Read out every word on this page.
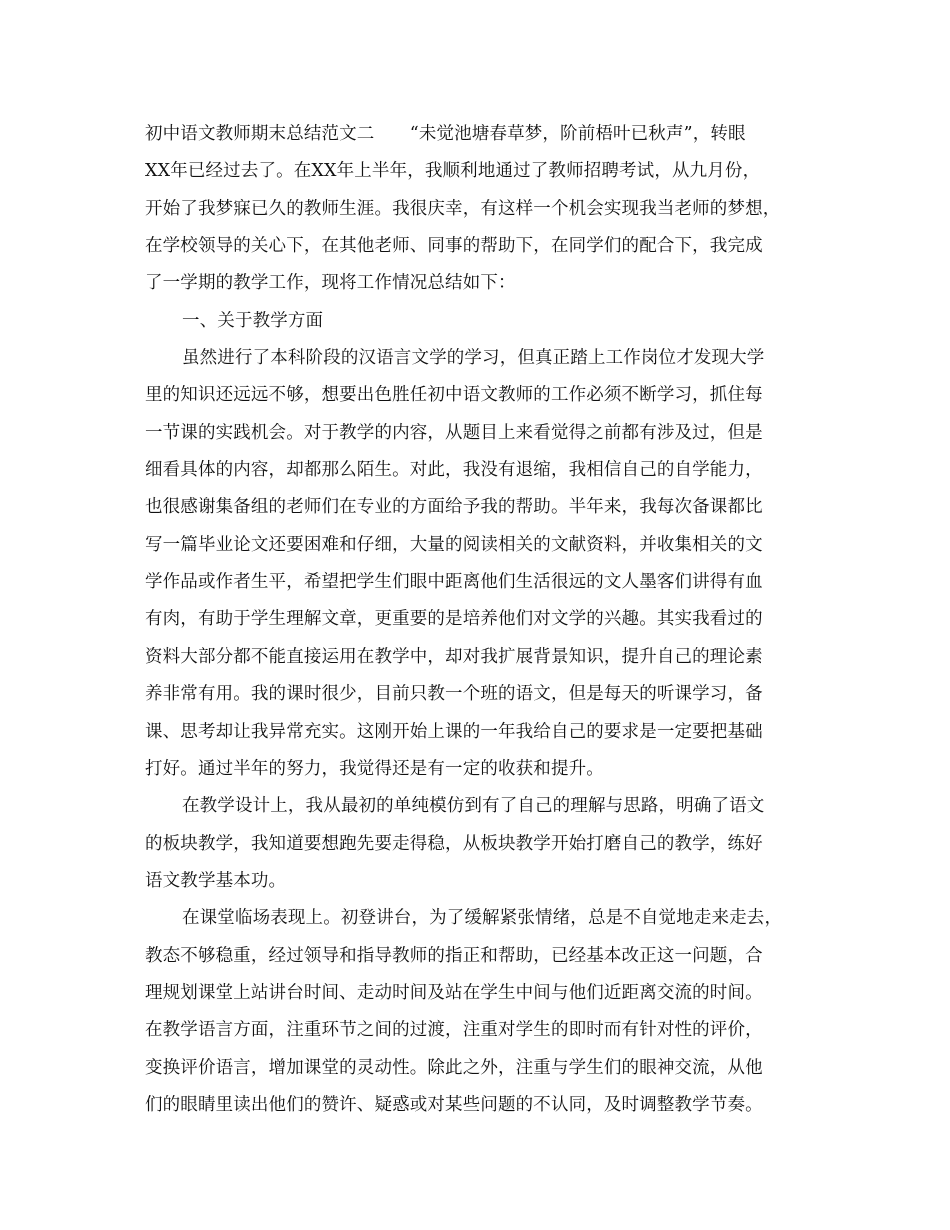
初中语文教师期末总结范文二　　“未觉池塘春草梦，阶前梧叶已秋声”，转眼
XX年已经过去了。在XX年上半年，我顺利地通过了教师招聘考试，从九月份，
开始了我梦寐已久的教师生涯。我很庆幸，有这样一个机会实现我当老师的梦想，
在学校领导的关心下，在其他老师、同事的帮助下，在同学们的配合下，我完成
了一学期的教学工作，现将工作情况总结如下：
一、关于教学方面
虽然进行了本科阶段的汉语言文学的学习，但真正踏上工作岗位才发现大学
里的知识还远远不够，想要出色胜任初中语文教师的工作必须不断学习，抓住每
一节课的实践机会。对于教学的内容，从题目上来看觉得之前都有涉及过，但是
细看具体的内容，却都那么陌生。对此，我没有退缩，我相信自己的自学能力，
也很感谢集备组的老师们在专业的方面给予我的帮助。半年来，我每次备课都比
写一篇毕业论文还要困难和仔细，大量的阅读相关的文献资料，并收集相关的文
学作品或作者生平，希望把学生们眼中距离他们生活很远的文人墨客们讲得有血
有肉，有助于学生理解文章，更重要的是培养他们对文学的兴趣。其实我看过的
资料大部分都不能直接运用在教学中，却对我扩展背景知识，提升自己的理论素
养非常有用。我的课时很少，目前只教一个班的语文，但是每天的听课学习，备
课、思考却让我异常充实。这刚开始上课的一年我给自己的要求是一定要把基础
打好。通过半年的努力，我觉得还是有一定的收获和提升。
在教学设计上，我从最初的单纯模仿到有了自己的理解与思路，明确了语文
的板块教学，我知道要想跑先要走得稳，从板块教学开始打磨自己的教学，练好
语文教学基本功。
在课堂临场表现上。初登讲台，为了缓解紧张情绪，总是不自觉地走来走去，
教态不够稳重，经过领导和指导教师的指正和帮助，已经基本改正这一问题，合
理规划课堂上站讲台时间、走动时间及站在学生中间与他们近距离交流的时间。
在教学语言方面，注重环节之间的过渡，注重对学生的即时而有针对性的评价，
变换评价语言，增加课堂的灵动性。除此之外，注重与学生们的眼神交流，从他
们的眼睛里读出他们的赞许、疑惑或对某些问题的不认同，及时调整教学节奏。
